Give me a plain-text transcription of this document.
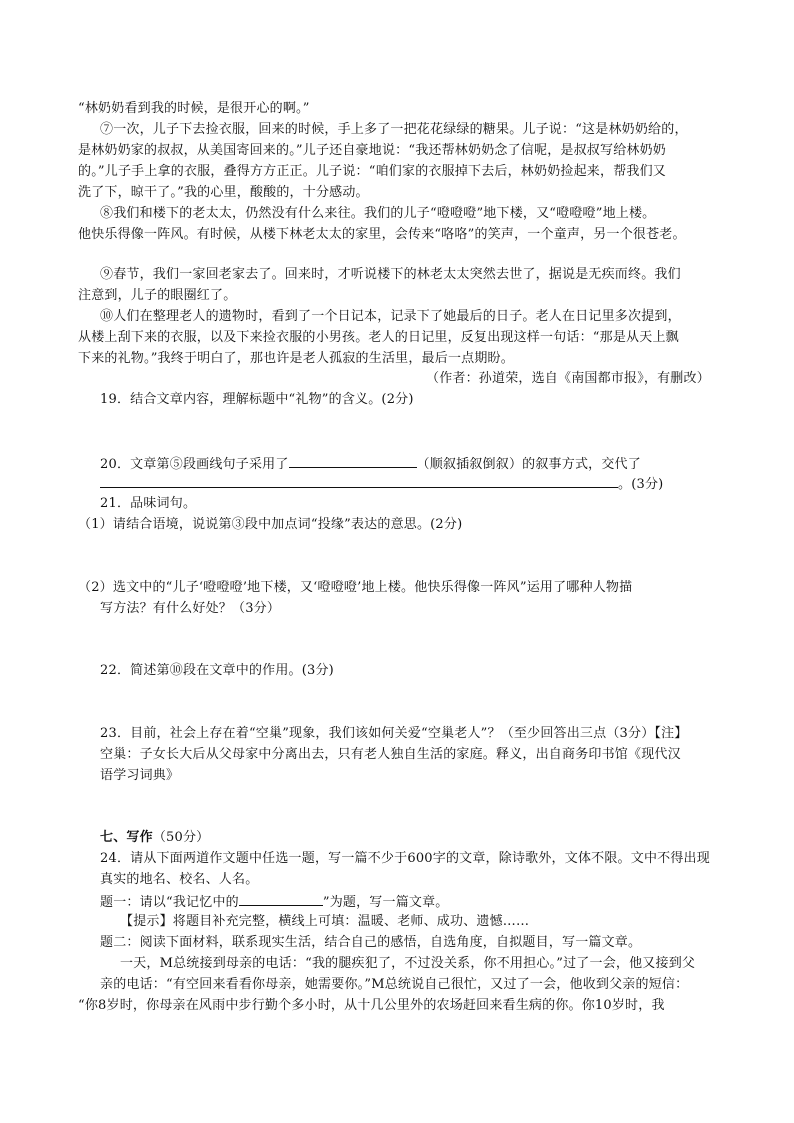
“林奶奶看到我的时候，是很开心的啊。”
⑦一次，儿子下去捡衣服，回来的时候，手上多了一把花花绿绿的糖果。儿子说：“这是林奶奶给的，
是林奶奶家的叔叔，从美国寄回来的。”儿子还自豪地说：“我还帮林奶奶念了信呢，是叔叔写给林奶奶
的。”儿子手上拿的衣服，叠得方方正正。儿子说：“咱们家的衣服掉下去后，林奶奶捡起来，帮我们又
洗了下，晾干了。”我的心里，酸酸的，十分感动。
⑧我们和楼下的老太太，仍然没有什么来往。我们的儿子“噔噔噔”地下楼，又“噔噔噔”地上楼。
他快乐得像一阵风。有时候，从楼下林老太太的家里，会传来“咯咯”的笑声，一个童声，另一个很苍老。
⑨春节，我们一家回老家去了。回来时，才听说楼下的林老太太突然去世了，据说是无疾而终。我们
注意到，儿子的眼圈红了。
⑩人们在整理老人的遗物时，看到了一个日记本，记录下了她最后的日子。老人在日记里多次提到，
从楼上刮下来的衣服，以及下来捡衣服的小男孩。老人的日记里，反复出现这样一句话：“那是从天上飘
下来的礼物。”我终于明白了，那也许是老人孤寂的生活里，最后一点期盼。
（作者：孙道荣，选自《南国都市报》，有删改）
19．结合文章内容，理解标题中“礼物”的含义。(2分)
20．文章第⑤段画线句子采用了	（顺叙插叙倒叙）的叙事方式，交代了
。(3分)
21．品味词句。
（1）请结合语境，说说第③段中加点词“投缘”表达的意思。(2分)
（2）选文中的“儿子‘噔噔噔’地下楼，又‘噔噔噔’地上楼。他快乐得像一阵风”运用了哪种人物描
写方法？有什么好处？（3分）
22．简述第⑩段在文章中的作用。(3分)
23．目前，社会上存在着“空巢”现象，我们该如何关爱“空巢老人”？（至少回答出三点（3分）【注】
空巢：子女长大后从父母家中分离出去，只有老人独自生活的家庭。释义，出自商务印书馆《现代汉
语学习词典》
七、写作（50分）
24．请从下面两道作文题中任选一题，写一篇不少于600字的文章，除诗歌外，文体不限。文中不得出现
真实的地名、校名、人名。
题一：请以“我记忆中的	”为题，写一篇文章。
【提示】将题目补充完整，横线上可填：温暖、老师、成功、遗憾……
题二：阅读下面材料，联系现实生活，结合自己的感悟，自选角度，自拟题目，写一篇文章。
一天，M总统接到母亲的电话：“我的腿疾犯了，不过没关系，你不用担心。”过了一会，他又接到父
亲的电话：“有空回来看看你母亲，她需要你。”M总统说自己很忙，又过了一会，他收到父亲的短信：
“你8岁时，你母亲在风雨中步行勤个多小时，从十几公里外的农场赶回来看生病的你。你10岁时，我
